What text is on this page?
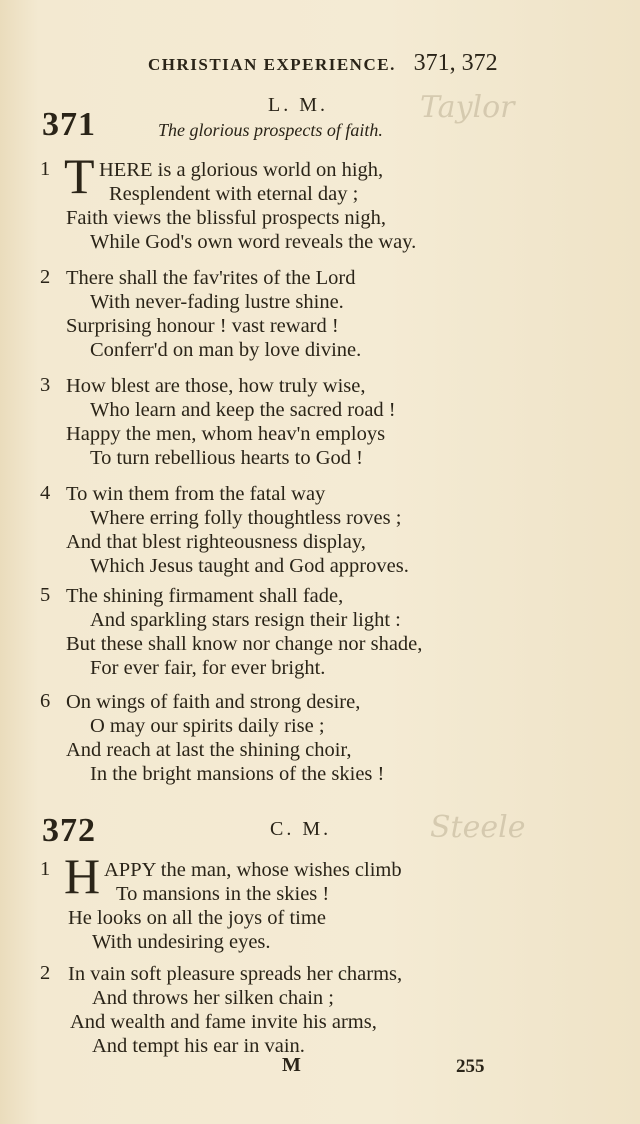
CHRISTIAN EXPERIENCE. 371, 372
371
L. M.
The glorious prospects of faith.
Taylor
1 T HERE is a glorious world on high,
Resplendent with eternal day ;
Faith views the blissful prospects nigh,
While God's own word reveals the way.
2 There shall the fav'rites of the Lord
With never-fading lustre shine.
Surprising honour ! vast reward !
Conferr'd on man by love divine.
3 How blest are those, how truly wise,
Who learn and keep the sacred road !
Happy the men, whom heav'n employs
To turn rebellious hearts to God !
4 To win them from the fatal way
Where erring folly thoughtless roves ;
And that blest righteousness display,
Which Jesus taught and God approves.
5 The shining firmament shall fade,
And sparkling stars resign their light :
But these shall know nor change nor shade,
For ever fair, for ever bright.
6 On wings of faith and strong desire,
O may our spirits daily rise ;
And reach at last the shining choir,
In the bright mansions of the skies !
372	C. M.	Steele
1 H APPY the man, whose wishes climb
To mansions in the skies !
He looks on all the joys of time
With undesiring eyes.
2 In vain soft pleasure spreads her charms,
And throws her silken chain ;
And wealth and fame invite his arms,
And tempt his ear in vain.
M	255
